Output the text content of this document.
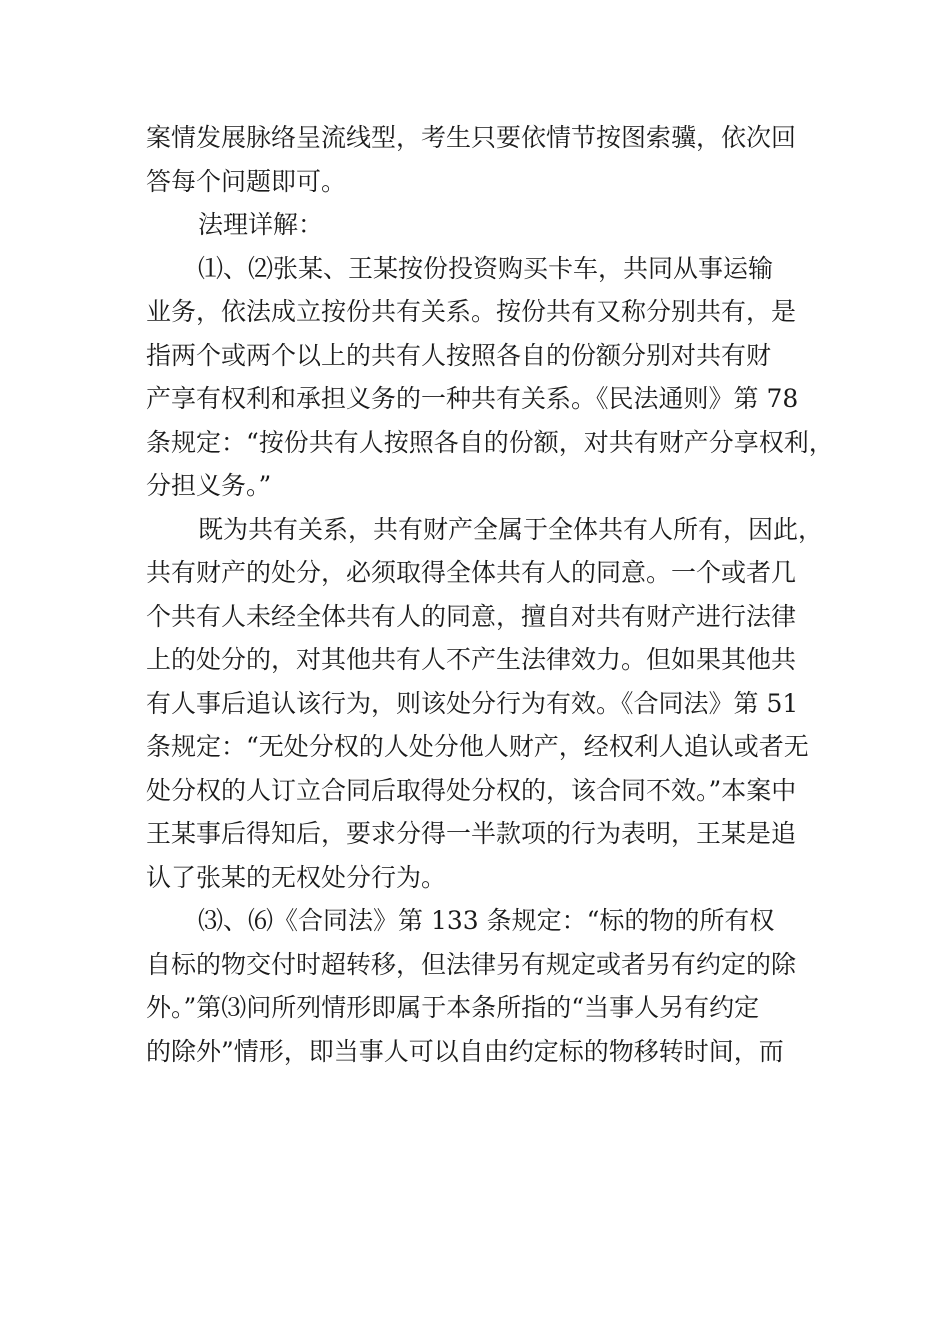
案情发展脉络呈流线型，考生只要依情节按图索骥，依次回
答每个问题即可。
法理详解：
⑴、⑵张某、王某按份投资购买卡车，共同从事运输
业务，依法成立按份共有关系。按份共有又称分别共有，是
指两个或两个以上的共有人按照各自的份额分别对共有财
产享有权利和承担义务的一种共有关系。《民法通则》第 78
条规定：“按份共有人按照各自的份额，对共有财产分享权利，
分担义务。”
既为共有关系，共有财产全属于全体共有人所有，因此，
共有财产的处分，必须取得全体共有人的同意。一个或者几
个共有人未经全体共有人的同意，擅自对共有财产进行法律
上的处分的，对其他共有人不产生法律效力。但如果其他共
有人事后追认该行为，则该处分行为有效。《合同法》第 51
条规定：“无处分权的人处分他人财产，经权利人追认或者无
处分权的人订立合同后取得处分权的，该合同不效。”本案中
王某事后得知后，要求分得一半款项的行为表明，王某是追
认了张某的无权处分行为。
⑶、⑹《合同法》第 133 条规定：“标的物的所有权
自标的物交付时超转移，但法律另有规定或者另有约定的除
外。”第⑶问所列情形即属于本条所指的“当事人另有约定
的除外”情形，即当事人可以自由约定标的物移转时间，而
